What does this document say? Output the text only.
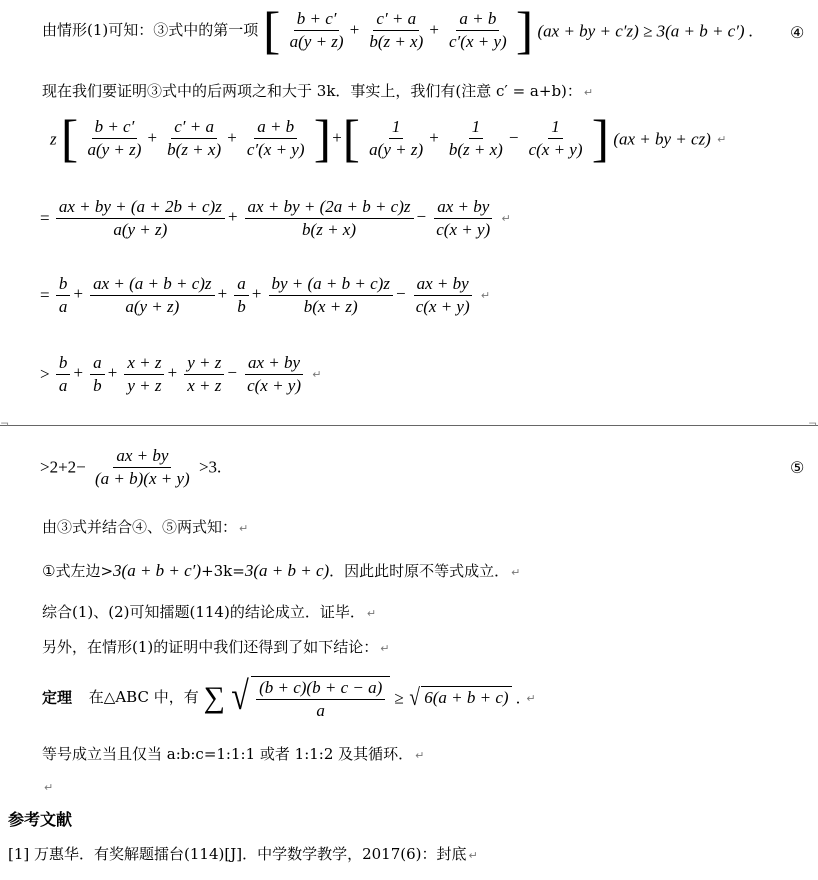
由情形(1)可知：③式中的第一项 [ $\frac{b + c'}{a(y + z)} + \frac{c' + a}{b(z + x)} + \frac{a + b}{c'(x + y)}$ ] (ax + by + c′z) ≥ 3(a + b + c′) . ④
现在我们要证明③式中的后两项之和大于 3k．事实上，我们有(注意 c′ = a+b)： ↵
z [ $\frac{b + c'}{a(y + z)} + \frac{c' + a}{b(z + x)} + \frac{a + b}{c'(x + y)}$ ]+[ $\frac{1}{a(y + z)} + \frac{1}{b(z + x)} - \frac{1}{c(x + y)}$ ] (ax + by + cz) ↵
= $\frac{ax + by + (a + 2b + c)z}{a(y + z)} + \frac{ax + by + (2a + b + c)z}{b(z + x)} - \frac{ax + by}{c(x + y)}$ ↵
= $\frac{b}{a} + \frac{ax + (a + b + c)z}{a(y + z)} + \frac{a}{b} + \frac{by + (a + b + c)z}{b(x + z)} - \frac{ax + by}{c(x + y)}$ ↵
> $\frac{b}{a} + \frac{a}{b} + \frac{x + z}{y + z} + \frac{y + z}{x + z} - \frac{ax + by}{c(x + y)}$ ↵
¬	¬
$>2+2- \frac{ax + by}{(a + b)(x + y)} >3$.	⑤
由③式并结合④、⑤两式知： ↵
①式左边>3(a + b + c′)+3k=3(a + b + c)．因此此时原不等式成立． ↵
综合(1)、(2)可知擂题(114)的结论成立．证毕． ↵
另外，在情形(1)的证明中我们还得到了如下结论： ↵
定理 在△ABC 中，有 ∑ √ $\frac{(b + c)(b + c - a)}{a}$ ≥ √ 6(a + b + c) . ↵
等号成立当且仅当 a:b:c=1:1:1 或者 1:1:2 及其循环． ↵
↵
参考文献
[1] 万惠华．有奖解题擂台(114)[J]．中学数学教学，2017(6)：封底 ↵
